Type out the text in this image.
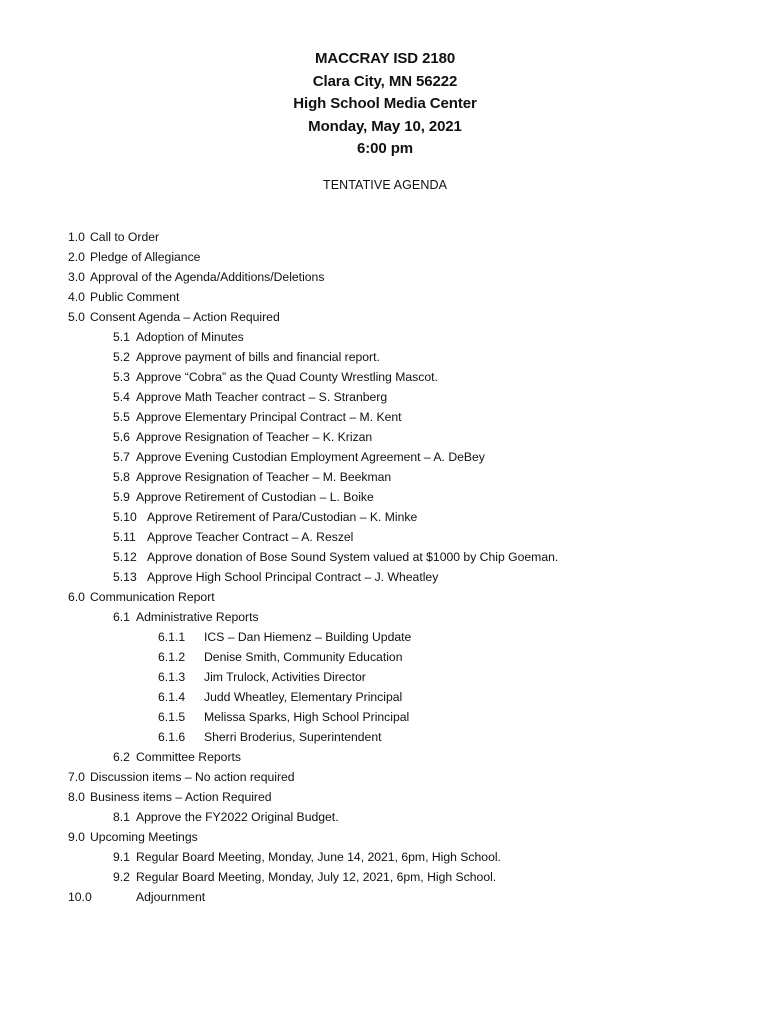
MACCRAY ISD 2180
Clara City, MN 56222
High School Media Center
Monday, May 10, 2021
6:00 pm
TENTATIVE AGENDA
1.0 Call to Order
2.0 Pledge of Allegiance
3.0 Approval of the Agenda/Additions/Deletions
4.0 Public Comment
5.0 Consent Agenda – Action Required
5.1 Adoption of Minutes
5.2 Approve payment of bills and financial report.
5.3 Approve “Cobra” as the Quad County Wrestling Mascot.
5.4 Approve Math Teacher contract – S. Stranberg
5.5 Approve Elementary Principal Contract – M. Kent
5.6 Approve Resignation of Teacher – K. Krizan
5.7 Approve Evening Custodian Employment Agreement – A. DeBey
5.8 Approve Resignation of Teacher – M. Beekman
5.9 Approve Retirement of Custodian – L. Boike
5.10 Approve Retirement of Para/Custodian – K. Minke
5.11 Approve Teacher Contract – A. Reszel
5.12 Approve donation of Bose Sound System valued at $1000 by Chip Goeman.
5.13 Approve High School Principal Contract – J. Wheatley
6.0 Communication Report
6.1 Administrative Reports
6.1.1 ICS – Dan Hiemenz – Building Update
6.1.2 Denise Smith, Community Education
6.1.3 Jim Trulock, Activities Director
6.1.4 Judd Wheatley, Elementary Principal
6.1.5 Melissa Sparks, High School Principal
6.1.6 Sherri Broderius, Superintendent
6.2 Committee Reports
7.0 Discussion items – No action required
8.0 Business items – Action Required
8.1 Approve the FY2022 Original Budget.
9.0 Upcoming Meetings
9.1 Regular Board Meeting, Monday, June 14, 2021, 6pm, High School.
9.2 Regular Board Meeting, Monday, July 12, 2021, 6pm, High School.
10.0	Adjournment
